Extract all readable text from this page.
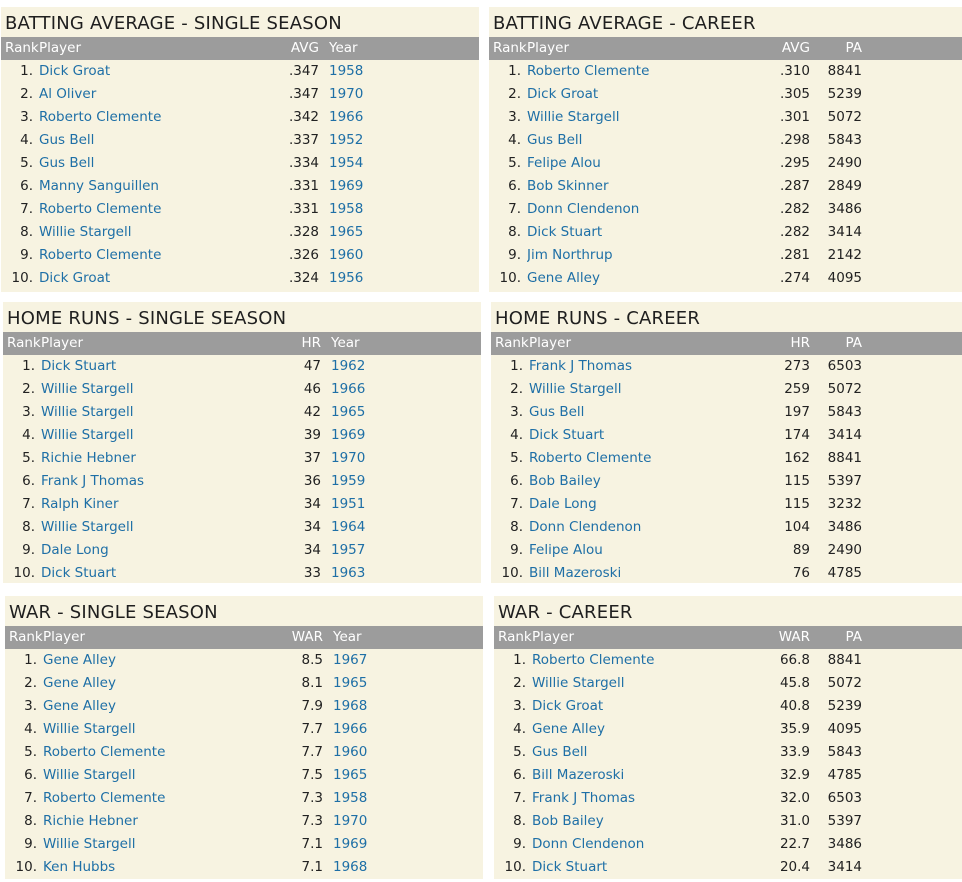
BATTING AVERAGE - SINGLE SEASON
Rank Player	AVG Year
1. Dick Groat	.347 1958
2. Al Oliver	.347 1970
3. Roberto Clemente	.342 1966
4. Gus Bell	.337 1952
5. Gus Bell	.334 1954
6. Manny Sanguillen	.331 1969
7. Roberto Clemente	.331 1958
8. Willie Stargell	.328 1965
9. Roberto Clemente	.326 1960
10. Dick Groat	.324 1956
BATTING AVERAGE - CAREER
Rank Player	AVG	PA
1. Roberto Clemente	.310	8841
2. Dick Groat	.305	5239
3. Willie Stargell	.301	5072
4. Gus Bell	.298	5843
5. Felipe Alou	.295	2490
6. Bob Skinner	.287	2849
7. Donn Clendenon	.282	3486
8. Dick Stuart	.282	3414
9. Jim Northrup	.281	2142
10. Gene Alley	.274	4095
HOME RUNS - SINGLE SEASON
Rank Player	HR Year
1. Dick Stuart	47 1962
2. Willie Stargell	46 1966
3. Willie Stargell	42 1965
4. Willie Stargell	39 1969
5. Richie Hebner	37 1970
6. Frank J Thomas	36 1959
7. Ralph Kiner	34 1951
8. Willie Stargell	34 1964
9. Dale Long	34 1957
10. Dick Stuart	33 1963
HOME RUNS - CAREER
Rank Player	HR	PA
1. Frank J Thomas	273	6503
2. Willie Stargell	259	5072
3. Gus Bell	197	5843
4. Dick Stuart	174	3414
5. Roberto Clemente	162	8841
6. Bob Bailey	115	5397
7. Dale Long	115	3232
8. Donn Clendenon	104	3486
9. Felipe Alou	89	2490
10. Bill Mazeroski	76	4785
WAR - SINGLE SEASON
Rank Player	WAR Year
1. Gene Alley	8.5 1967
2. Gene Alley	8.1 1965
3. Gene Alley	7.9 1968
4. Willie Stargell	7.7 1966
5. Roberto Clemente	7.7 1960
6. Willie Stargell	7.5 1965
7. Roberto Clemente	7.3 1958
8. Richie Hebner	7.3 1970
9. Willie Stargell	7.1 1969
10. Ken Hubbs	7.1 1968
WAR - CAREER
Rank Player	WAR	PA
1. Roberto Clemente	66.8	8841
2. Willie Stargell	45.8	5072
3. Dick Groat	40.8	5239
4. Gene Alley	35.9	4095
5. Gus Bell	33.9	5843
6. Bill Mazeroski	32.9	4785
7. Frank J Thomas	32.0	6503
8. Bob Bailey	31.0	5397
9. Donn Clendenon	22.7	3486
10. Dick Stuart	20.4	3414
